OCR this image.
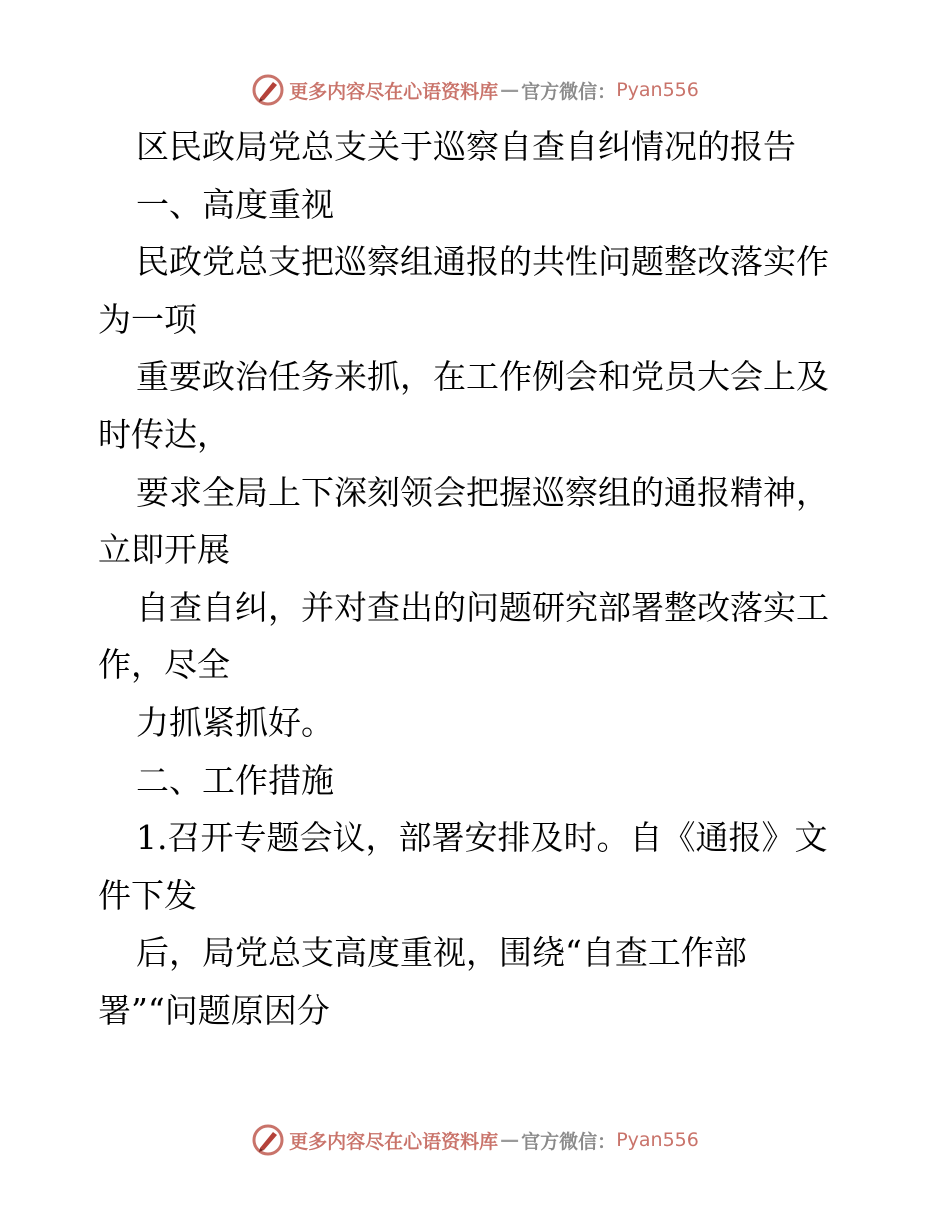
更多内容尽在心语资料库 — 官方微信： Pyan556
区民政局党总支关于巡察自查自纠情况的报告
一、高度重视
民政党总支把巡察组通报的共性问题整改落实作
为一项
重要政治任务来抓，在工作例会和党员大会上及
时传达，
要求全局上下深刻领会把握巡察组的通报精神，
立即开展
自查自纠，并对查出的问题研究部署整改落实工
作，尽全
力抓紧抓好。
二、工作措施
1.召开专题会议，部署安排及时。自《通报》文
件下发
后，局党总支高度重视，围绕“自查工作部
署”“问题原因分
更多内容尽在心语资料库 — 官方微信： Pyan556
